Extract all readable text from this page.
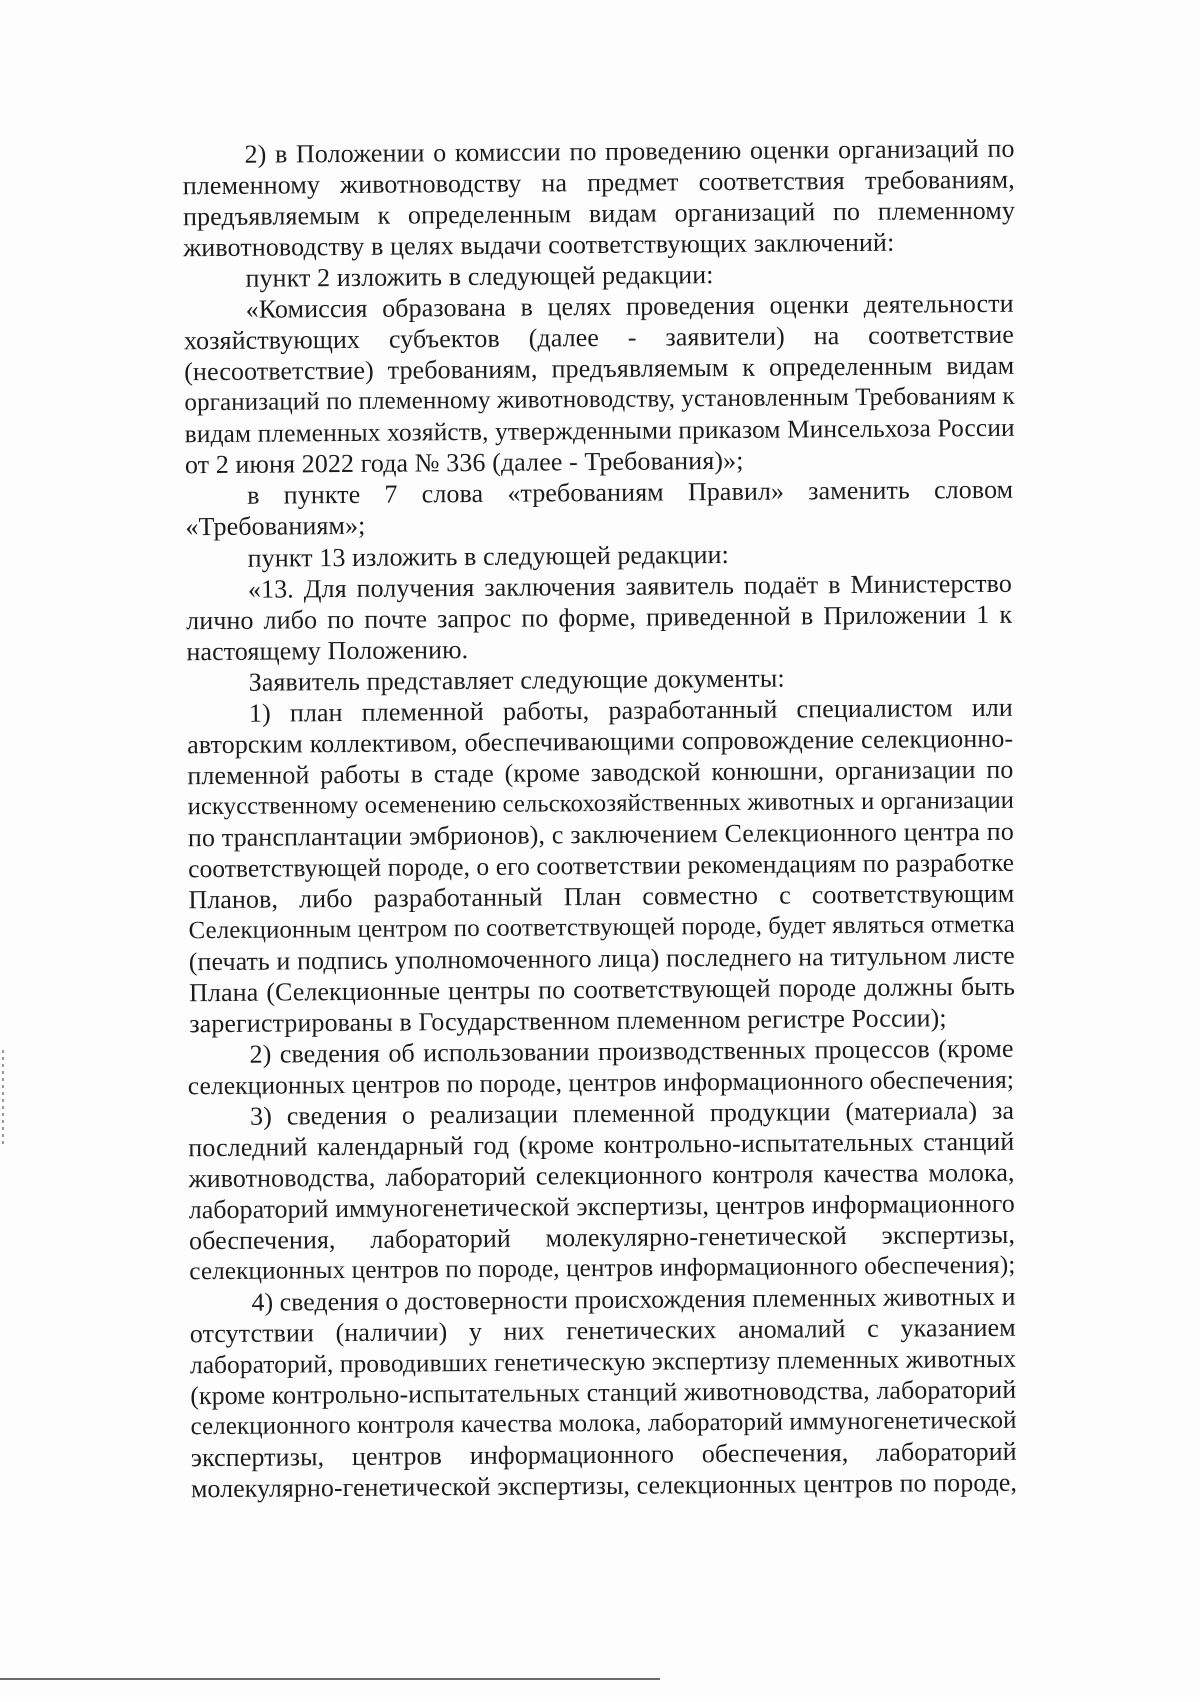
2) в Положении о комиссии по проведению оценки организаций по
племенному животноводству на предмет соответствия требованиям,
предъявляемым к определенным видам организаций по племенному
животноводству в целях выдачи соответствующих заключений:
пункт 2 изложить в следующей редакции:
«Комиссия образована в целях проведения оценки деятельности
хозяйствующих субъектов (далее - заявители) на соответствие
(несоответствие) требованиям, предъявляемым к определенным видам
организаций по племенному животноводству, установленным Требованиям к
видам племенных хозяйств, утвержденными приказом Минсельхоза России
от 2 июня 2022 года № 336 (далее - Требования)»;
в пункте 7 слова «требованиям Правил» заменить словом
«Требованиям»;
пункт 13 изложить в следующей редакции:
«13. Для получения заключения заявитель подаёт в Министерство
лично либо по почте запрос по форме, приведенной в Приложении 1 к
настоящему Положению.
Заявитель представляет следующие документы:
1) план племенной работы, разработанный специалистом или
авторским коллективом, обеспечивающими сопровождение селекционно-
племенной работы в стаде (кроме заводской конюшни, организации по
искусственному осеменению сельскохозяйственных животных и организации
по трансплантации эмбрионов), с заключением Селекционного центра по
соответствующей породе, о его соответствии рекомендациям по разработке
Планов, либо разработанный План совместно с соответствующим
Селекционным центром по соответствующей породе, будет являться отметка
(печать и подпись уполномоченного лица) последнего на титульном листе
Плана (Селекционные центры по соответствующей породе должны быть
зарегистрированы в Государственном племенном регистре России);
2) сведения об использовании производственных процессов (кроме
селекционных центров по породе, центров информационного обеспечения;
3) сведения о реализации племенной продукции (материала) за
последний календарный год (кроме контрольно-испытательных станций
животноводства, лабораторий селекционного контроля качества молока,
лабораторий иммуногенетической экспертизы, центров информационного
обеспечения, лабораторий молекулярно-генетической экспертизы,
селекционных центров по породе, центров информационного обеспечения);
4) сведения о достоверности происхождения племенных животных и
отсутствии (наличии) у них генетических аномалий с указанием
лабораторий, проводивших генетическую экспертизу племенных животных
(кроме контрольно-испытательных станций животноводства, лабораторий
селекционного контроля качества молока, лабораторий иммуногенетической
экспертизы, центров информационного обеспечения, лабораторий
молекулярно-генетической экспертизы, селекционных центров по породе,
